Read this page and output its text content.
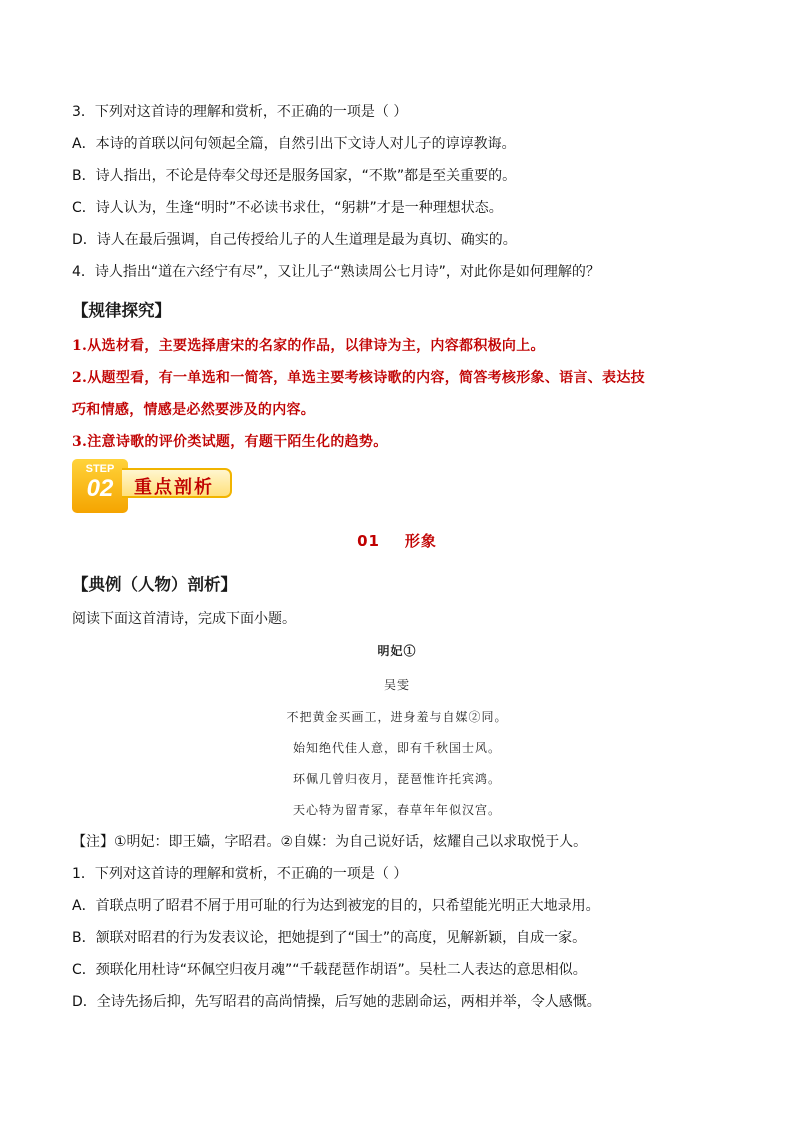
3．下列对这首诗的理解和赏析，不正确的一项是（ ）
A．本诗的首联以问句领起全篇，自然引出下文诗人对儿子的谆谆教诲。
B．诗人指出，不论是侍奉父母还是服务国家，“不欺”都是至关重要的。
C．诗人认为，生逢“明时”不必读书求仕，“躬耕”才是一种理想状态。
D．诗人在最后强调，自己传授给儿子的人生道理是最为真切、确实的。
4．诗人指出“道在六经宁有尽”，又让儿子“熟读周公七月诗”，对此你是如何理解的？
【规律探究】
1.从选材看，主要选择唐宋的名家的作品，以律诗为主，内容都积极向上。
2.从题型看，有一单选和一简答，单选主要考核诗歌的内容，简答考核形象、语言、表达技
巧和情感，情感是必然要涉及的内容。
3.注意诗歌的评价类试题，有题干陌生化的趋势。
STEP
02	重点剖析
01    形象
【典例（人物）剖析】
阅读下面这首清诗，完成下面小题。
明妃①
吴雯
不把黄金买画工，进身羞与自媒②同。
始知绝代佳人意，即有千秋国士风。
环佩几曾归夜月，琵琶惟许托宾鸿。
天心特为留青冢，春草年年似汉宫。
【注】①明妃：即王嫱，字昭君。②自媒：为自己说好话，炫耀自己以求取悦于人。
1．下列对这首诗的理解和赏析，不正确的一项是（ ）
A．首联点明了昭君不屑于用可耻的行为达到被宠的目的，只希望能光明正大地录用。
B．颔联对昭君的行为发表议论，把她提到了“国士”的高度，见解新颖，自成一家。
C．颈联化用杜诗“环佩空归夜月魂”“千载琵琶作胡语”。吴杜二人表达的意思相似。
D．全诗先扬后抑，先写昭君的高尚情操，后写她的悲剧命运，两相并举，令人感慨。
